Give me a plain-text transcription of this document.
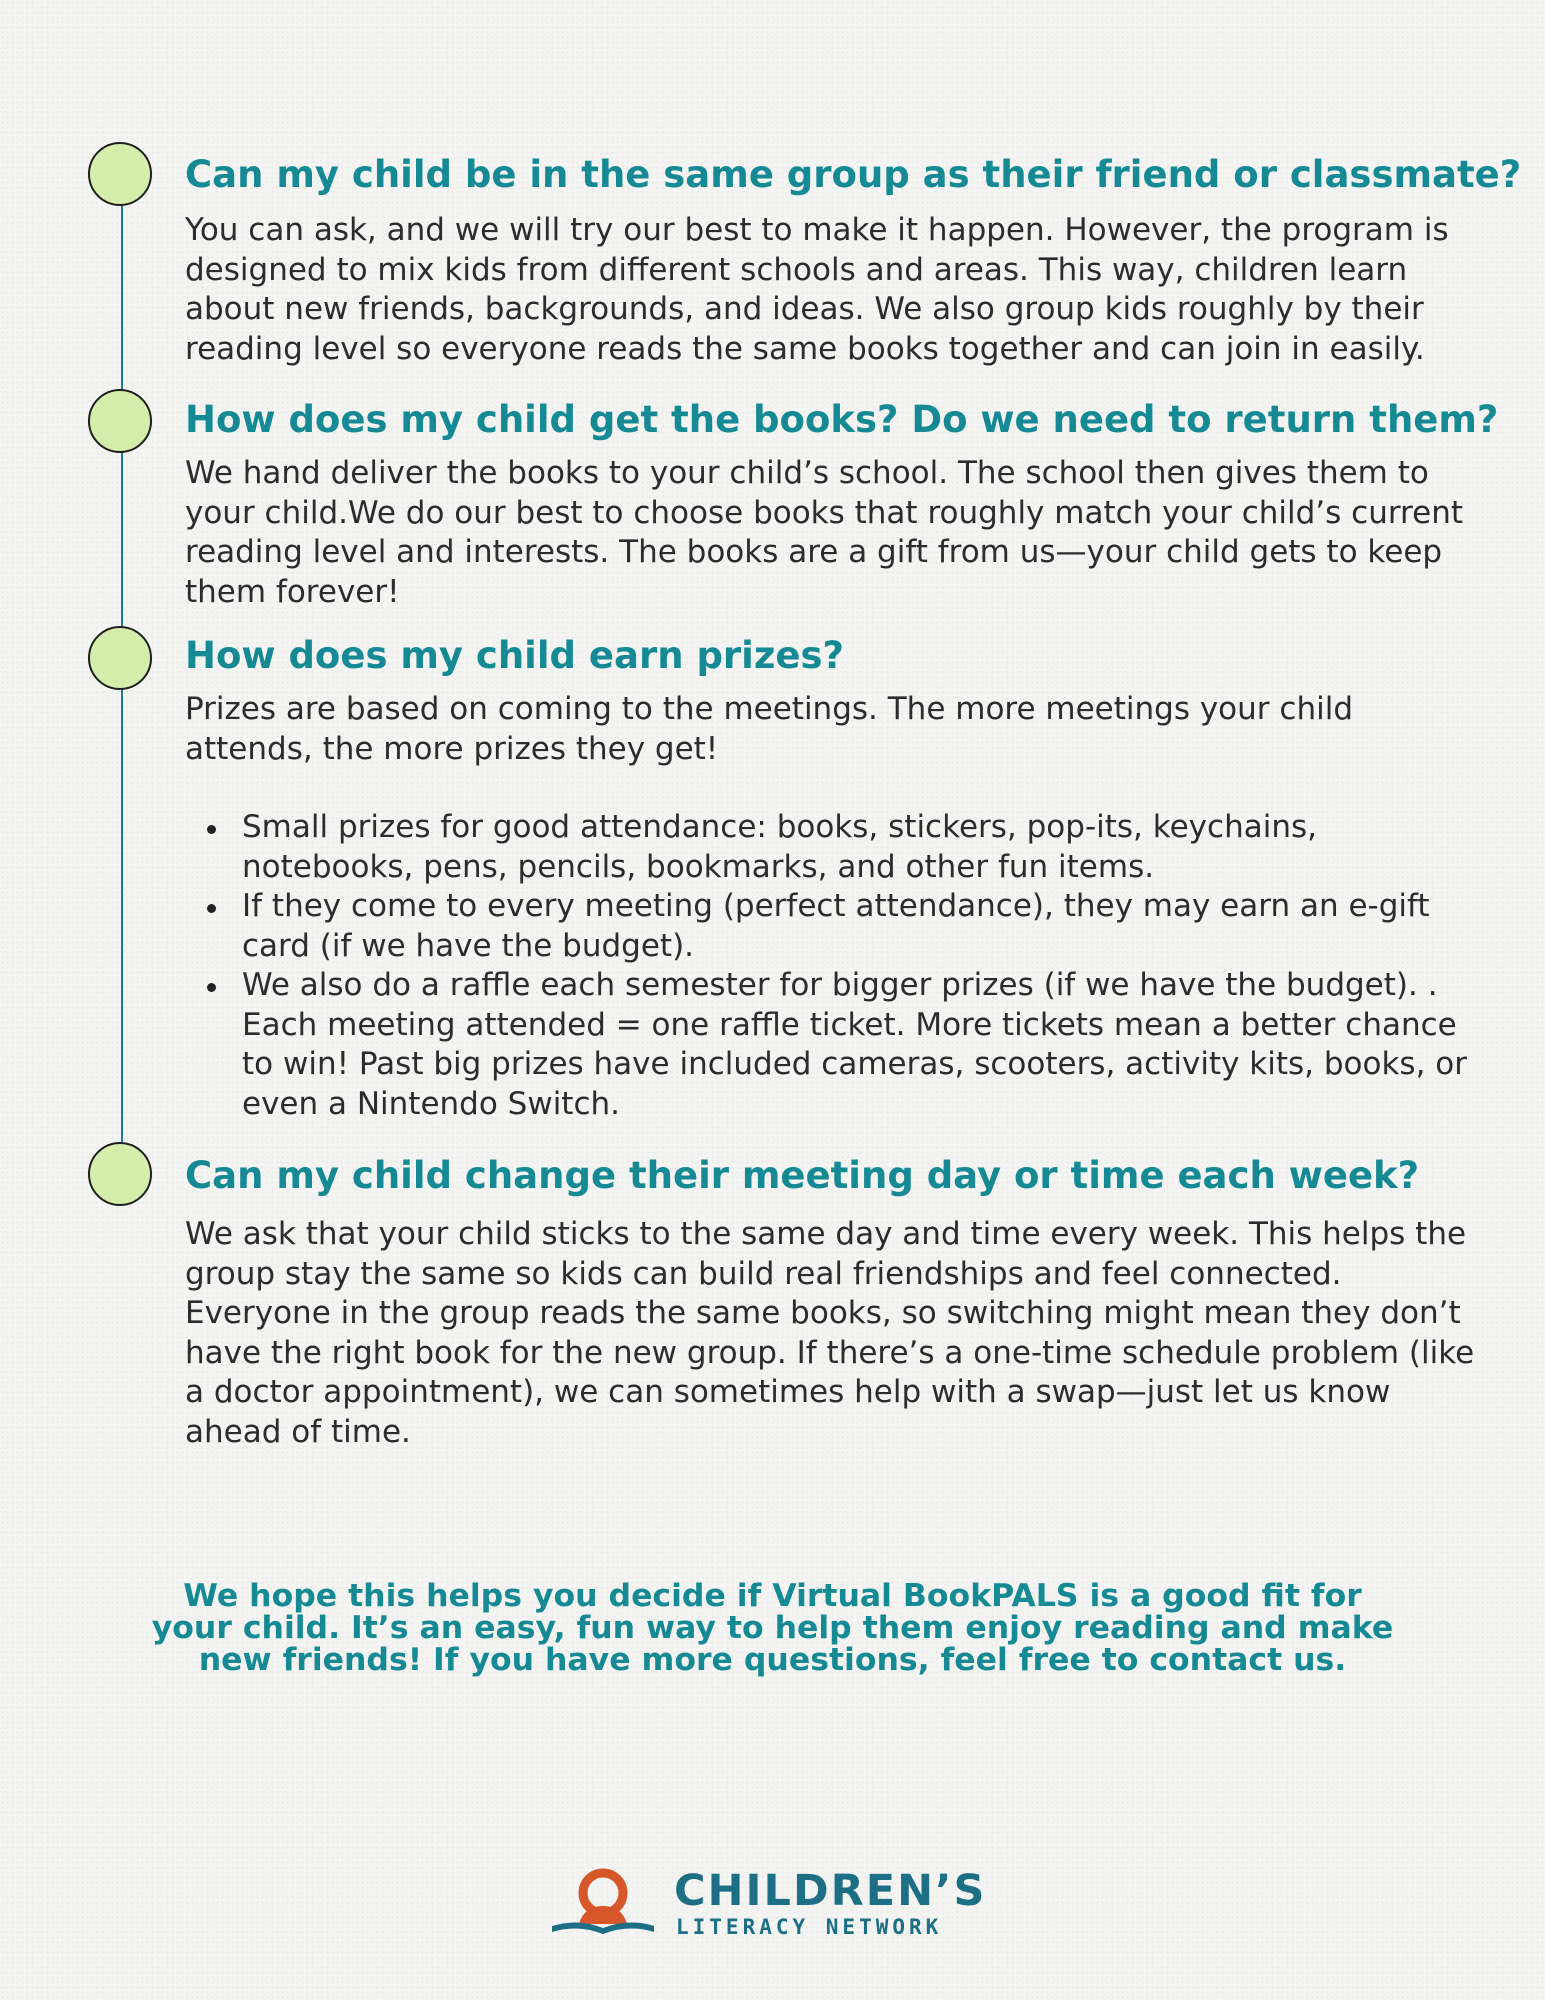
Can my child be in the same group as their friend or classmate?

You can ask, and we will try our best to make it happen. However, the program is designed to mix kids from different schools and areas. This way, children learn about new friends, backgrounds, and ideas. We also group kids roughly by their reading level so everyone reads the same books together and can join in easily.

How does my child get the books? Do we need to return them?

We hand deliver the books to your child’s school. The school then gives them to your child.We do our best to choose books that roughly match your child’s current reading level and interests. The books are a gift from us—your child gets to keep them forever!

How does my child earn prizes?

Prizes are based on coming to the meetings. The more meetings your child attends, the more prizes they get!

Small prizes for good attendance: books, stickers, pop-its, keychains, notebooks, pens, pencils, bookmarks, and other fun items.
If they come to every meeting (perfect attendance), they may earn an e-gift card (if we have the budget).
We also do a raffle each semester for bigger prizes (if we have the budget). . Each meeting attended = one raffle ticket. More tickets mean a better chance to win! Past big prizes have included cameras, scooters, activity kits, books, or even a Nintendo Switch.
Can my child change their meeting day or time each week?

We ask that your child sticks to the same day and time every week. This helps the group stay the same so kids can build real friendships and feel connected. Everyone in the group reads the same books, so switching might mean they don’t have the right book for the new group. If there’s a one-time schedule problem (like a doctor appointment), we can sometimes help with a swap—just let us know ahead of time.

We hope this helps you decide if Virtual BookPALS is a good fit for your child. It’s an easy, fun way to help them enjoy reading and make new friends! If you have more questions, feel free to contact us.

CHILDREN’S
LITERACY NETWORK
